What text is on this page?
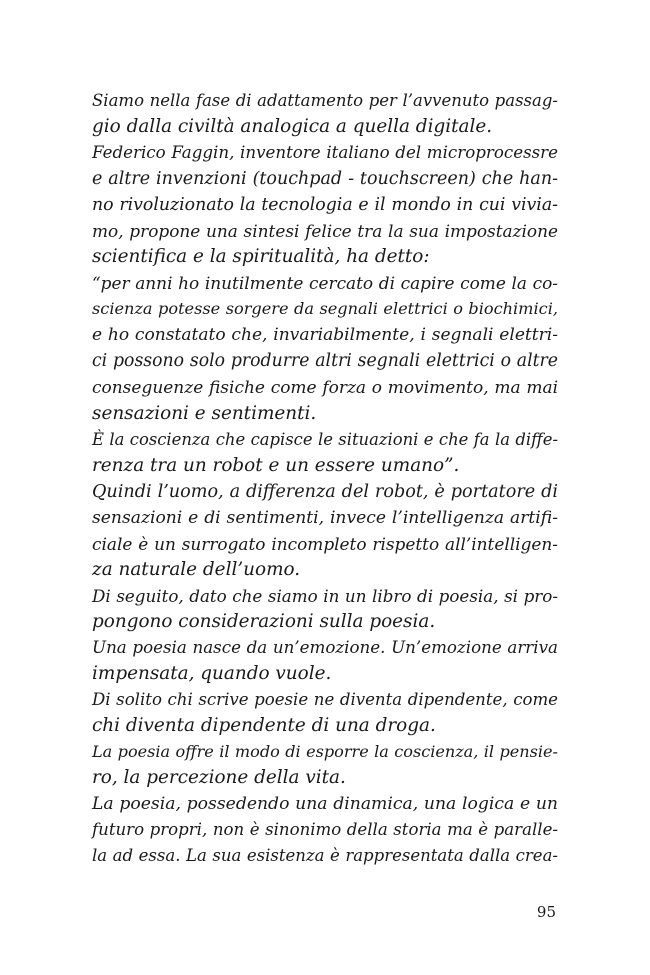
Siamo nella fase di adattamento per l’avvenuto passag-
gio dalla civiltà analogica a quella digitale.
Federico Faggin, inventore italiano del microprocessre
e altre invenzioni (touchpad - touchscreen) che han-
no rivoluzionato la tecnologia e il mondo in cui vivia-
mo, propone una sintesi felice tra la sua impostazione
scientifica e la spiritualità, ha detto:
“per anni ho inutilmente cercato di capire come la co-
scienza potesse sorgere da segnali elettrici o biochimici,
e ho constatato che, invariabilmente, i segnali elettri-
ci possono solo produrre altri segnali elettrici o altre
conseguenze fisiche come forza o movimento, ma mai
sensazioni e sentimenti.
È la coscienza che capisce le situazioni e che fa la diffe-
renza tra un robot e un essere umano”.
Quindi l’uomo, a differenza del robot, è portatore di
sensazioni e di sentimenti, invece l’intelligenza artifi-
ciale è un surrogato incompleto rispetto all’intelligen-
za naturale dell’uomo.
Di seguito, dato che siamo in un libro di poesia, si pro-
pongono considerazioni sulla poesia.
Una poesia nasce da un’emozione. Un’emozione arriva
impensata, quando vuole.
Di solito chi scrive poesie ne diventa dipendente, come
chi diventa dipendente di una droga.
La poesia offre il modo di esporre la coscienza, il pensie-
ro, la percezione della vita.
La poesia, possedendo una dinamica, una logica e un
futuro propri, non è sinonimo della storia ma è paralle-
la ad essa. La sua esistenza è rappresentata dalla crea-
95
